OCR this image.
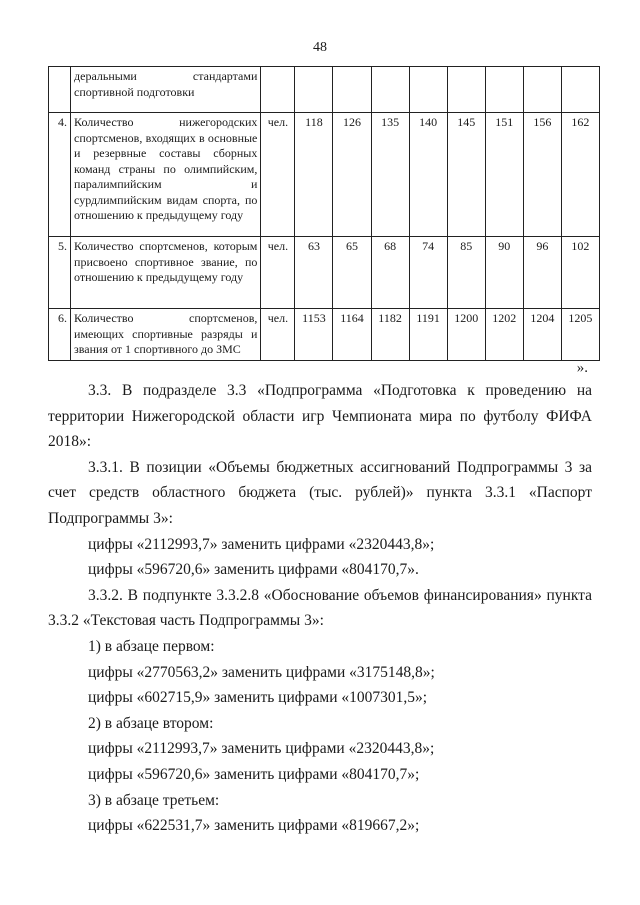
48
	деральными стандартами спортивной подготовки									
4.	Количество нижегородских спортсменов, входящих в основные и резервные составы сборных команд страны по олимпийским, паралимпийским и сурдлимпийским видам спорта, по отношению к предыдущему году	чел.	118	126	135	140	145	151	156	162
5.	Количество спортсменов, которым присвоено спортивное звание, по отношению к предыдущему году	чел.	63	65	68	74	85	90	96	102
6.	Количество спортсменов, имеющих спортивные разряды и звания от 1 спортивного до ЗМС	чел.	1153	1164	1182	1191	1200	1202	1204	1205
».

3.3. В подразделе 3.3 «Подпрограмма «Подготовка к проведению на территории Нижегородской области игр Чемпионата мира по футболу ФИФА 2018»:

3.3.1. В позиции «Объемы бюджетных ассигнований Подпрограммы 3 за счет средств областного бюджета (тыс. рублей)» пункта 3.3.1 «Паспорт Подпрограммы 3»:

цифры «2112993,7» заменить цифрами «2320443,8»;

цифры «596720,6» заменить цифрами «804170,7».

3.3.2. В подпункте 3.3.2.8 «Обоснование объемов финансирования» пункта 3.3.2 «Текстовая часть Подпрограммы 3»:

1) в абзаце первом:

цифры «2770563,2» заменить цифрами «3175148,8»;

цифры «602715,9» заменить цифрами «1007301,5»;

2) в абзаце втором:

цифры «2112993,7» заменить цифрами «2320443,8»;

цифры «596720,6» заменить цифрами «804170,7»;

3) в абзаце третьем:

цифры «622531,7» заменить цифрами «819667,2»;
